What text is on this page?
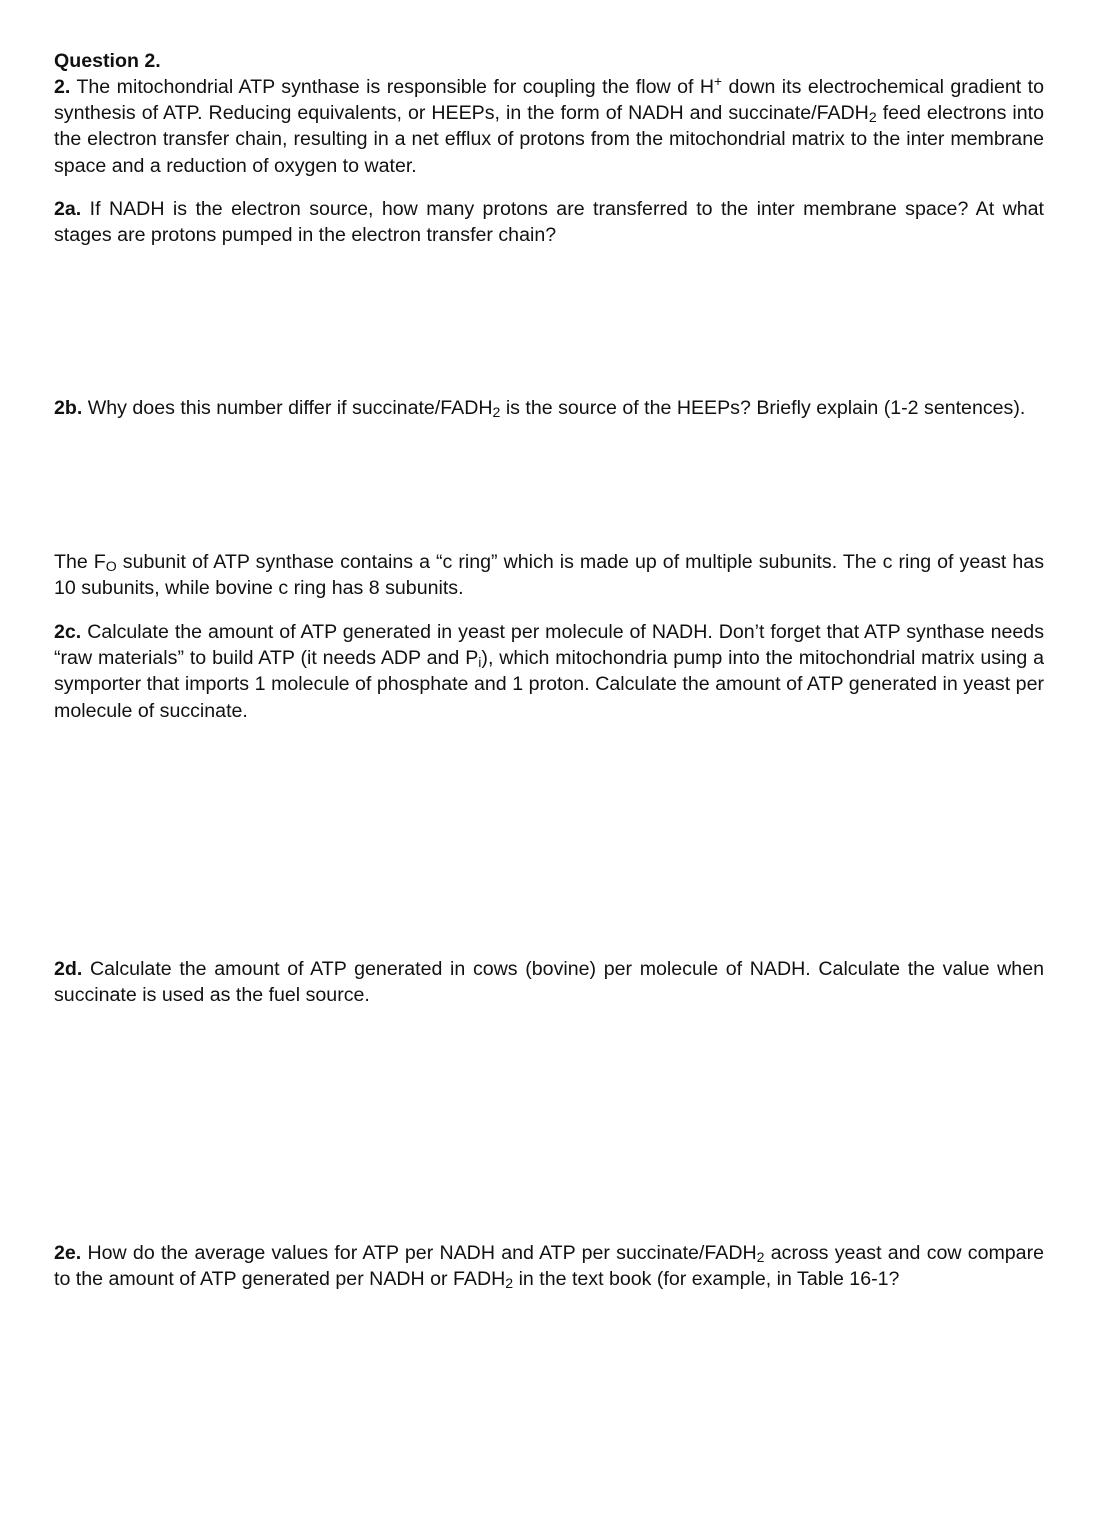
Question 2.
2. The mitochondrial ATP synthase is responsible for coupling the flow of H+ down its electrochemical gradient to synthesis of ATP. Reducing equivalents, or HEEPs, in the form of NADH and succinate/$FADH_2$ feed electrons into the electron transfer chain, resulting in a net efflux of protons from the mitochondrial matrix to the inter membrane space and a reduction of oxygen to water.
2a. If NADH is the electron source, how many protons are transferred to the inter membrane space? At what stages are protons pumped in the electron transfer chain?
2b. Why does this number differ if succinate/$FADH_2$ is the source of the HEEPs? Briefly explain (1-2 sentences).
The $F_O$ subunit of ATP synthase contains a “c ring” which is made up of multiple subunits. The c ring of yeast has 10 subunits, while bovine c ring has 8 subunits.
2c. Calculate the amount of ATP generated in yeast per molecule of NADH. Don’t forget that ATP synthase needs “raw materials” to build ATP (it needs ADP and $P_i$), which mitochondria pump into the mitochondrial matrix using a symporter that imports 1 molecule of phosphate and 1 proton. Calculate the amount of ATP generated in yeast per molecule of succinate.
2d. Calculate the amount of ATP generated in cows (bovine) per molecule of NADH. Calculate the value when succinate is used as the fuel source.
2e. How do the average values for ATP per NADH and ATP per succinate/$FADH_2$ across yeast and cow compare to the amount of ATP generated per NADH or $FADH_2$ in the text book (for example, in Table 16-1?
